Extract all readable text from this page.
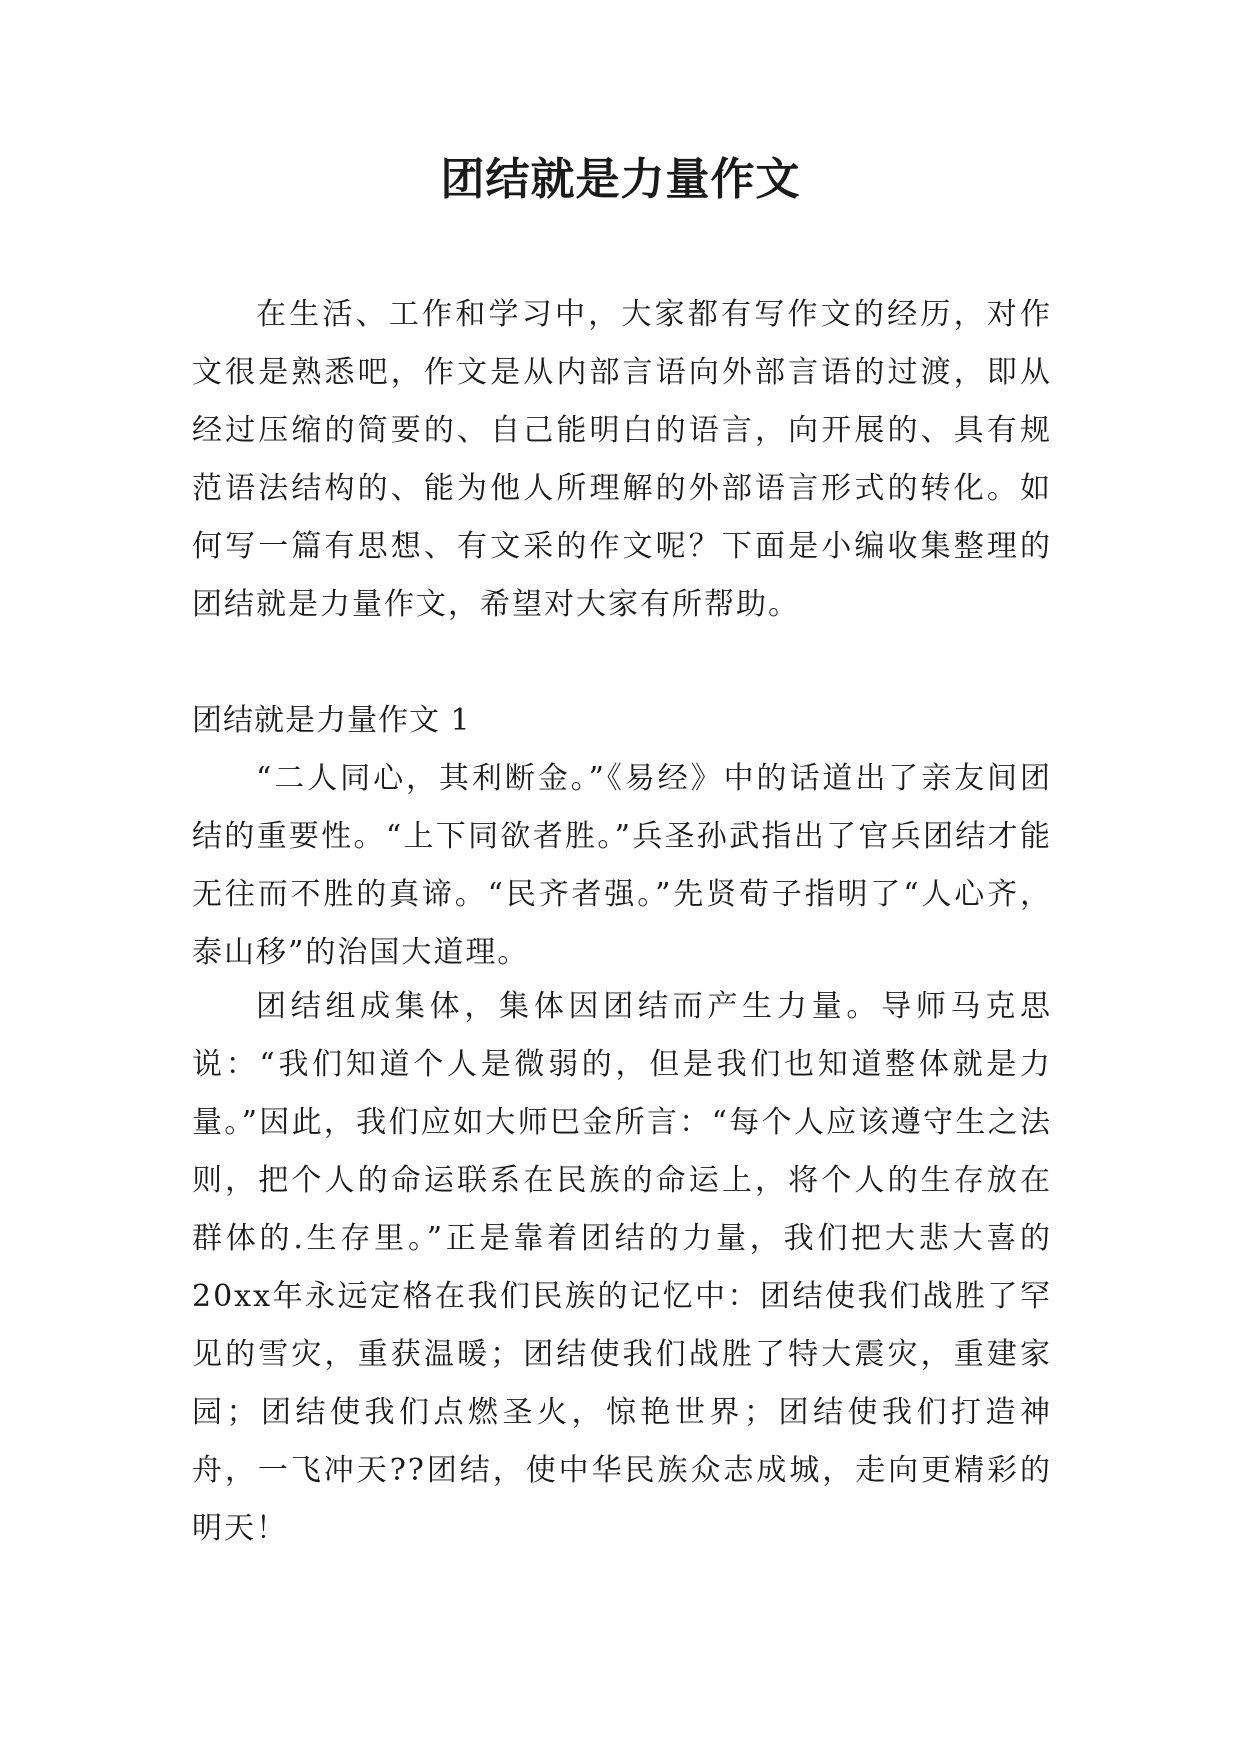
团结就是力量作文

在生活、工作和学习中，大家都有写作文的经历，对作文很是熟悉吧，作文是从内部言语向外部言语的过渡，即从经过压缩的简要的、自己能明白的语言，向开展的、具有规范语法结构的、能为他人所理解的外部语言形式的转化。如何写一篇有思想、有文采的作文呢？下面是小编收集整理的团结就是力量作文，希望对大家有所帮助。

团结就是力量作文 1

“二人同心，其利断金。”《易经》中的话道出了亲友间团结的重要性。“上下同欲者胜。”兵圣孙武指出了官兵团结才能无往而不胜的真谛。“民齐者强。”先贤荀子指明了“人心齐，泰山移”的治国大道理。

团结组成集体，集体因团结而产生力量。导师马克思说：“我们知道个人是微弱的，但是我们也知道整体就是力量。”因此，我们应如大师巴金所言：“每个人应该遵守生之法则，把个人的命运联系在民族的命运上，将个人的生存放在群体的.生存里。”正是靠着团结的力量，我们把大悲大喜的20xx年永远定格在我们民族的记忆中：团结使我们战胜了罕见的雪灾，重获温暖；团结使我们战胜了特大震灾，重建家园；团结使我们点燃圣火，惊艳世界；团结使我们打造神舟，一飞冲天??团结，使中华民族众志成城，走向更精彩的明天！
